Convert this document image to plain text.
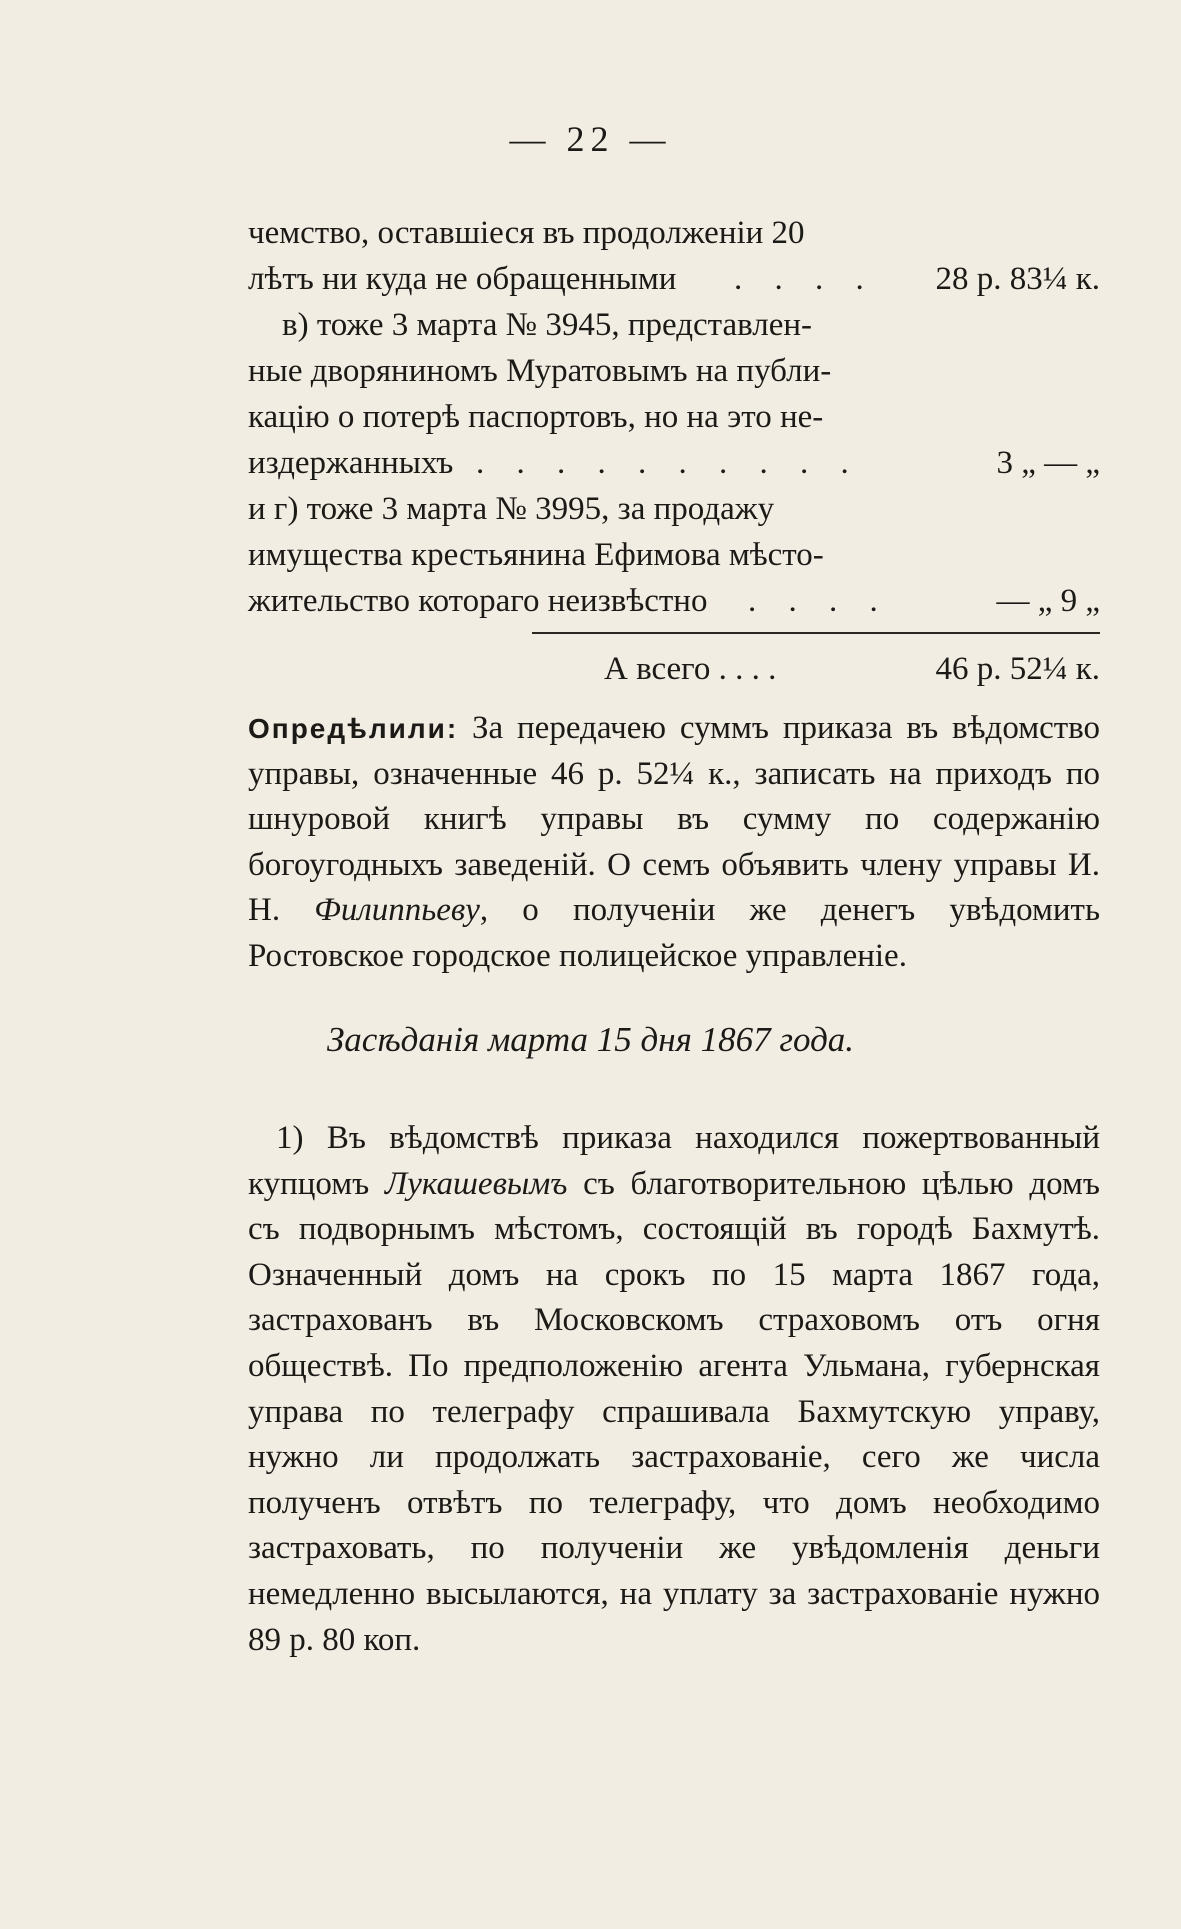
— 22 —
чемство, оставшiеся въ продолженiи 20
лѣтъ ни куда не обращенными . . . . 28 р. 83¼ к.
в) тоже 3 марта № 3945, представлен-
ные дворяниномъ Муратовымъ на публи-
кацiю о потерѣ паспортовъ, но на это не-
издержанныхъ . . . . . . . . . .	3 „ — „
и г) тоже 3 марта № 3995, за продажу
имущества крестьянина Ефимова мѣсто-
жительство котораго неизвѣстно . . . .	— „ 9 „
А всего . . . .	46 р. 52¼ к.

Опредѣлили: За передачею суммъ приказа въ вѣдомство управы, означенные 46 р. 52¼ к., записать на приходъ по шнуровой книгѣ управы въ сумму по содержанiю богоугодныхъ заведенiй. О семъ объявить члену управы И. Н. Филиппьеву, о полученiи же денегъ увѣдомить Ростовское городское полицейское управленiе.

Засѣданiя марта 15 дня 1867 года.

1) Въ вѣдомствѣ приказа находился пожертвованный купцомъ Лукашевымъ съ благотворительною цѣлью домъ съ подворнымъ мѣстомъ, состоящiй въ городѣ Бахмутѣ. Означенный домъ на срокъ по 15 марта 1867 года, застрахованъ въ Московскомъ страховомъ отъ огня обществѣ. По предположенiю агента Ульмана, губернская управа по телеграфу спрашивала Бахмутскую управу, нужно ли продолжать застрахованiе, сего же числа полученъ отвѣтъ по телеграфу, что домъ необходимо застраховать, по полученiи же увѣдомленiя деньги немедленно высылаются, на уплату за застрахованiе нужно 89 р. 80 коп.
